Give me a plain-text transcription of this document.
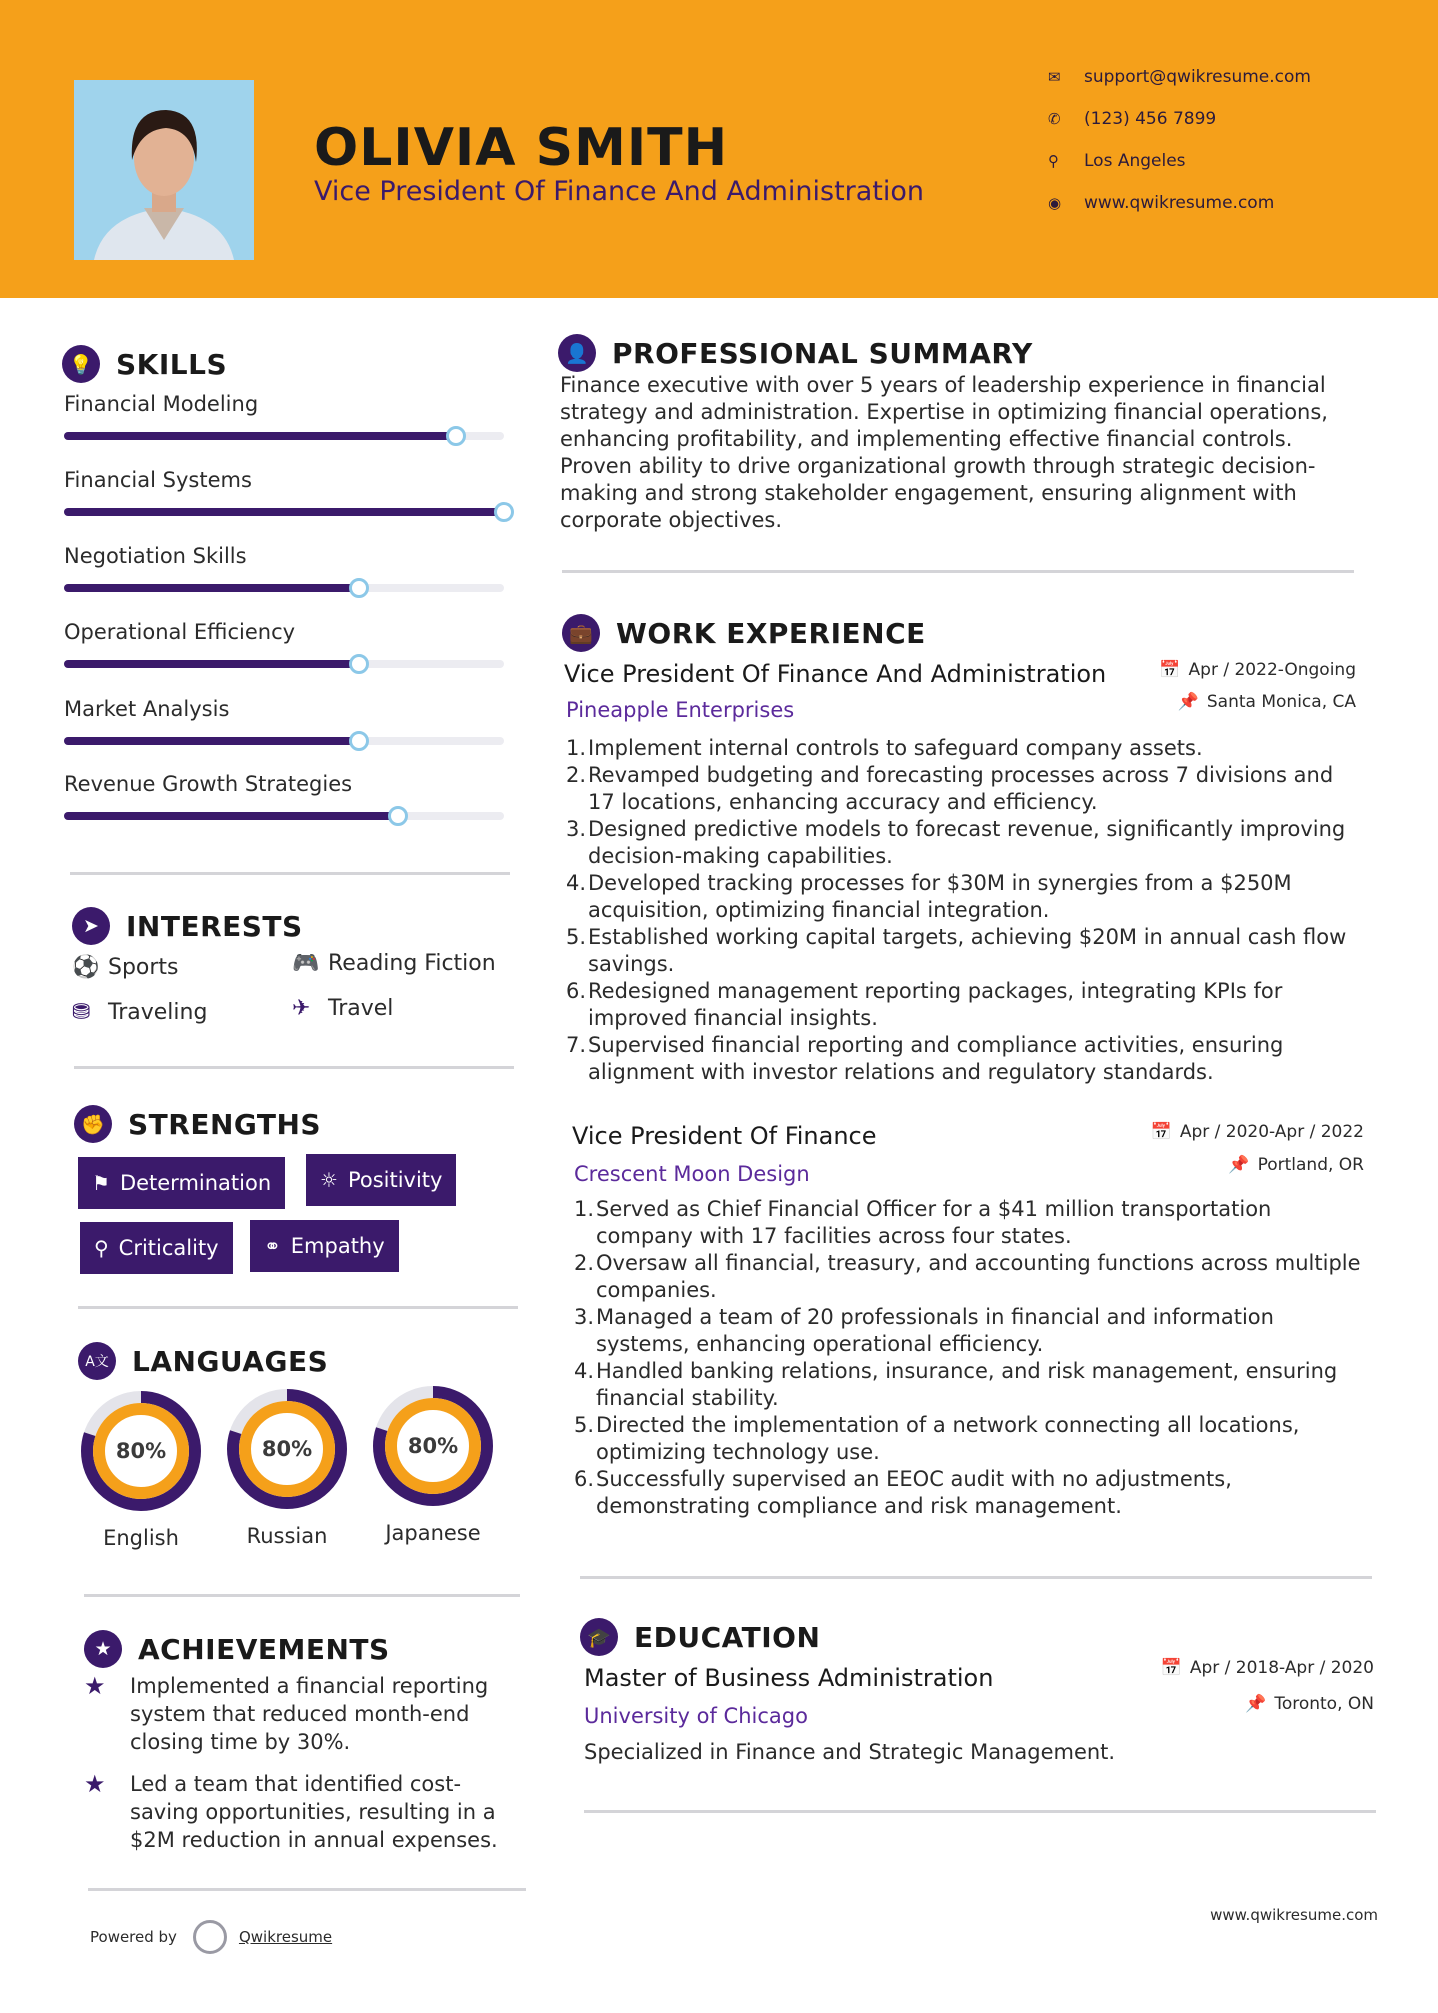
OLIVIA SMITH
Vice President Of Finance And Administration
✉	support@qwikresume.com
✆	(123) 456 7899
⚲	Los Angeles
◉	www.qwikresume.com
💡 SKILLS
Financial Modeling
Financial Systems
Negotiation Skills
Operational Efficiency
Market Analysis
Revenue Growth Strategies
➤ INTERESTS
⚽ Sports	🎮 Reading Fiction
⛃ Traveling	✈ Travel
✊ STRENGTHS
⚑ Determination ☼ Positivity
⚲ Criticality ⚭ Empathy
A文 LANGUAGES
80%
English
80%
Russian
80%
Japanese
★ ACHIEVEMENTS
★	Implemented a financial reporting system that reduced month-end closing time by 30%.
★	Led a team that identified cost-saving opportunities, resulting in a $2M reduction in annual expenses.
👤 PROFESSIONAL SUMMARY
Finance executive with over 5 years of leadership experience in financial strategy and administration. Expertise in optimizing financial operations, enhancing profitability, and implementing effective financial controls. Proven ability to drive organizational growth through strategic decision-making and strong stakeholder engagement, ensuring alignment with corporate objectives.
💼 WORK EXPERIENCE
Vice President Of Finance And Administration
Pineapple Enterprises
📅 Apr / 2022-Ongoing
📌 Santa Monica, CA
1. Implement internal controls to safeguard company assets.
2. Revamped budgeting and forecasting processes across 7 divisions and 17 locations, enhancing accuracy and efficiency.
3. Designed predictive models to forecast revenue, significantly improving decision-making capabilities.
4. Developed tracking processes for $30M in synergies from a $250M acquisition, optimizing financial integration.
5. Established working capital targets, achieving $20M in annual cash flow savings.
6. Redesigned management reporting packages, integrating KPIs for improved financial insights.
7. Supervised financial reporting and compliance activities, ensuring alignment with investor relations and regulatory standards.
Vice President Of Finance
Crescent Moon Design
📅 Apr / 2020-Apr / 2022
📌 Portland, OR
1. Served as Chief Financial Officer for a $41 million transportation company with 17 facilities across four states.
2. Oversaw all financial, treasury, and accounting functions across multiple companies.
3. Managed a team of 20 professionals in financial and information systems, enhancing operational efficiency.
4. Handled banking relations, insurance, and risk management, ensuring financial stability.
5. Directed the implementation of a network connecting all locations, optimizing technology use.
6. Successfully supervised an EEOC audit with no adjustments, demonstrating compliance and risk management.
🎓 EDUCATION
Master of Business Administration
University of Chicago
📅 Apr / 2018-Apr / 2020
📌 Toronto, ON
Specialized in Finance and Strategic Management.
Powered by	Qwikresume
www.qwikresume.com
